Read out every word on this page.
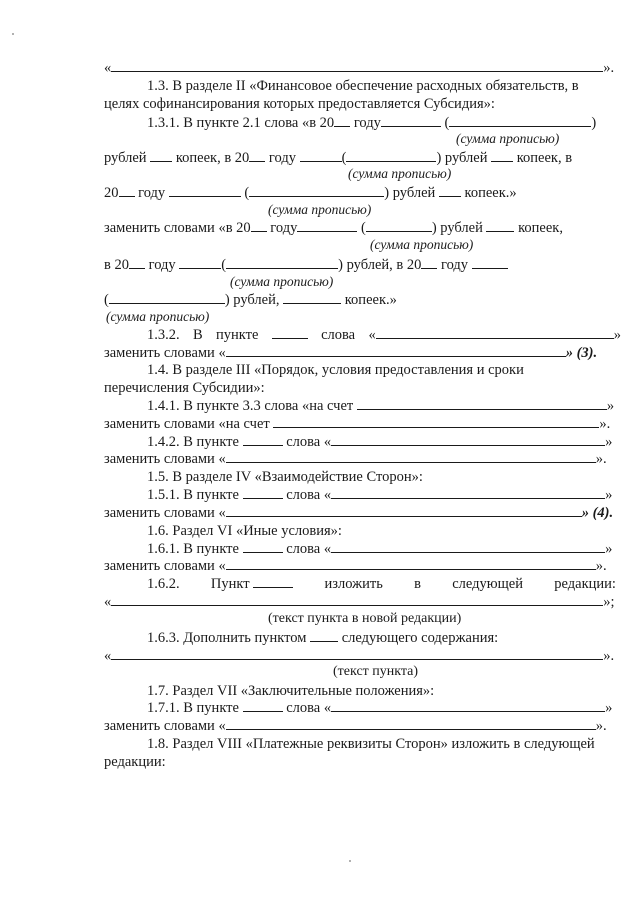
«	».
1.3. В разделе II «Финансовое обеспечение расходных обязательств, в
целях софинансирования которых предоставляется Субсидия»:
1.3.1. В пункте 2.1 слова «в 20 году	(	)
(сумма прописью)
рублей  копеек, в 20 году	(	) рублей  копеек, в
(сумма прописью)
20 году	(	) рублей  копеек.»
(сумма прописью)
заменить словами «в 20 году	(	) рублей  копеек,
(сумма прописью)
в 20 году	(	) рублей, в 20 году
(сумма прописью)
(	) рублей,	копеек.»
(сумма прописью)
1.3.2. В пункте	слова «	»
заменить словами «	» (3).
1.4. В разделе III «Порядок, условия предоставления и сроки
перечисления Субсидии»:
1.4.1. В пункте 3.3 слова «на счет	»
заменить словами «на счет	».
1.4.2. В пункте	слова «	»
заменить словами «	».
1.5. В разделе IV «Взаимодействие Сторон»:
1.5.1. В пункте	слова «	»
заменить словами «	» (4).
1.6. Раздел VI «Иные условия»:
1.6.1. В пункте	слова «	»
заменить словами «	».
1.6.2. Пункт	изложить в следующей редакции:
«	»;
(текст пункта в новой редакции)
1.6.3. Дополнить пунктом  следующего содержания:
«	».
(текст пункта)
1.7. Раздел VII «Заключительные положения»:
1.7.1. В пункте	слова «	»
заменить словами «	».
1.8. Раздел VIII «Платежные реквизиты Сторон» изложить в следующей
редакции:
